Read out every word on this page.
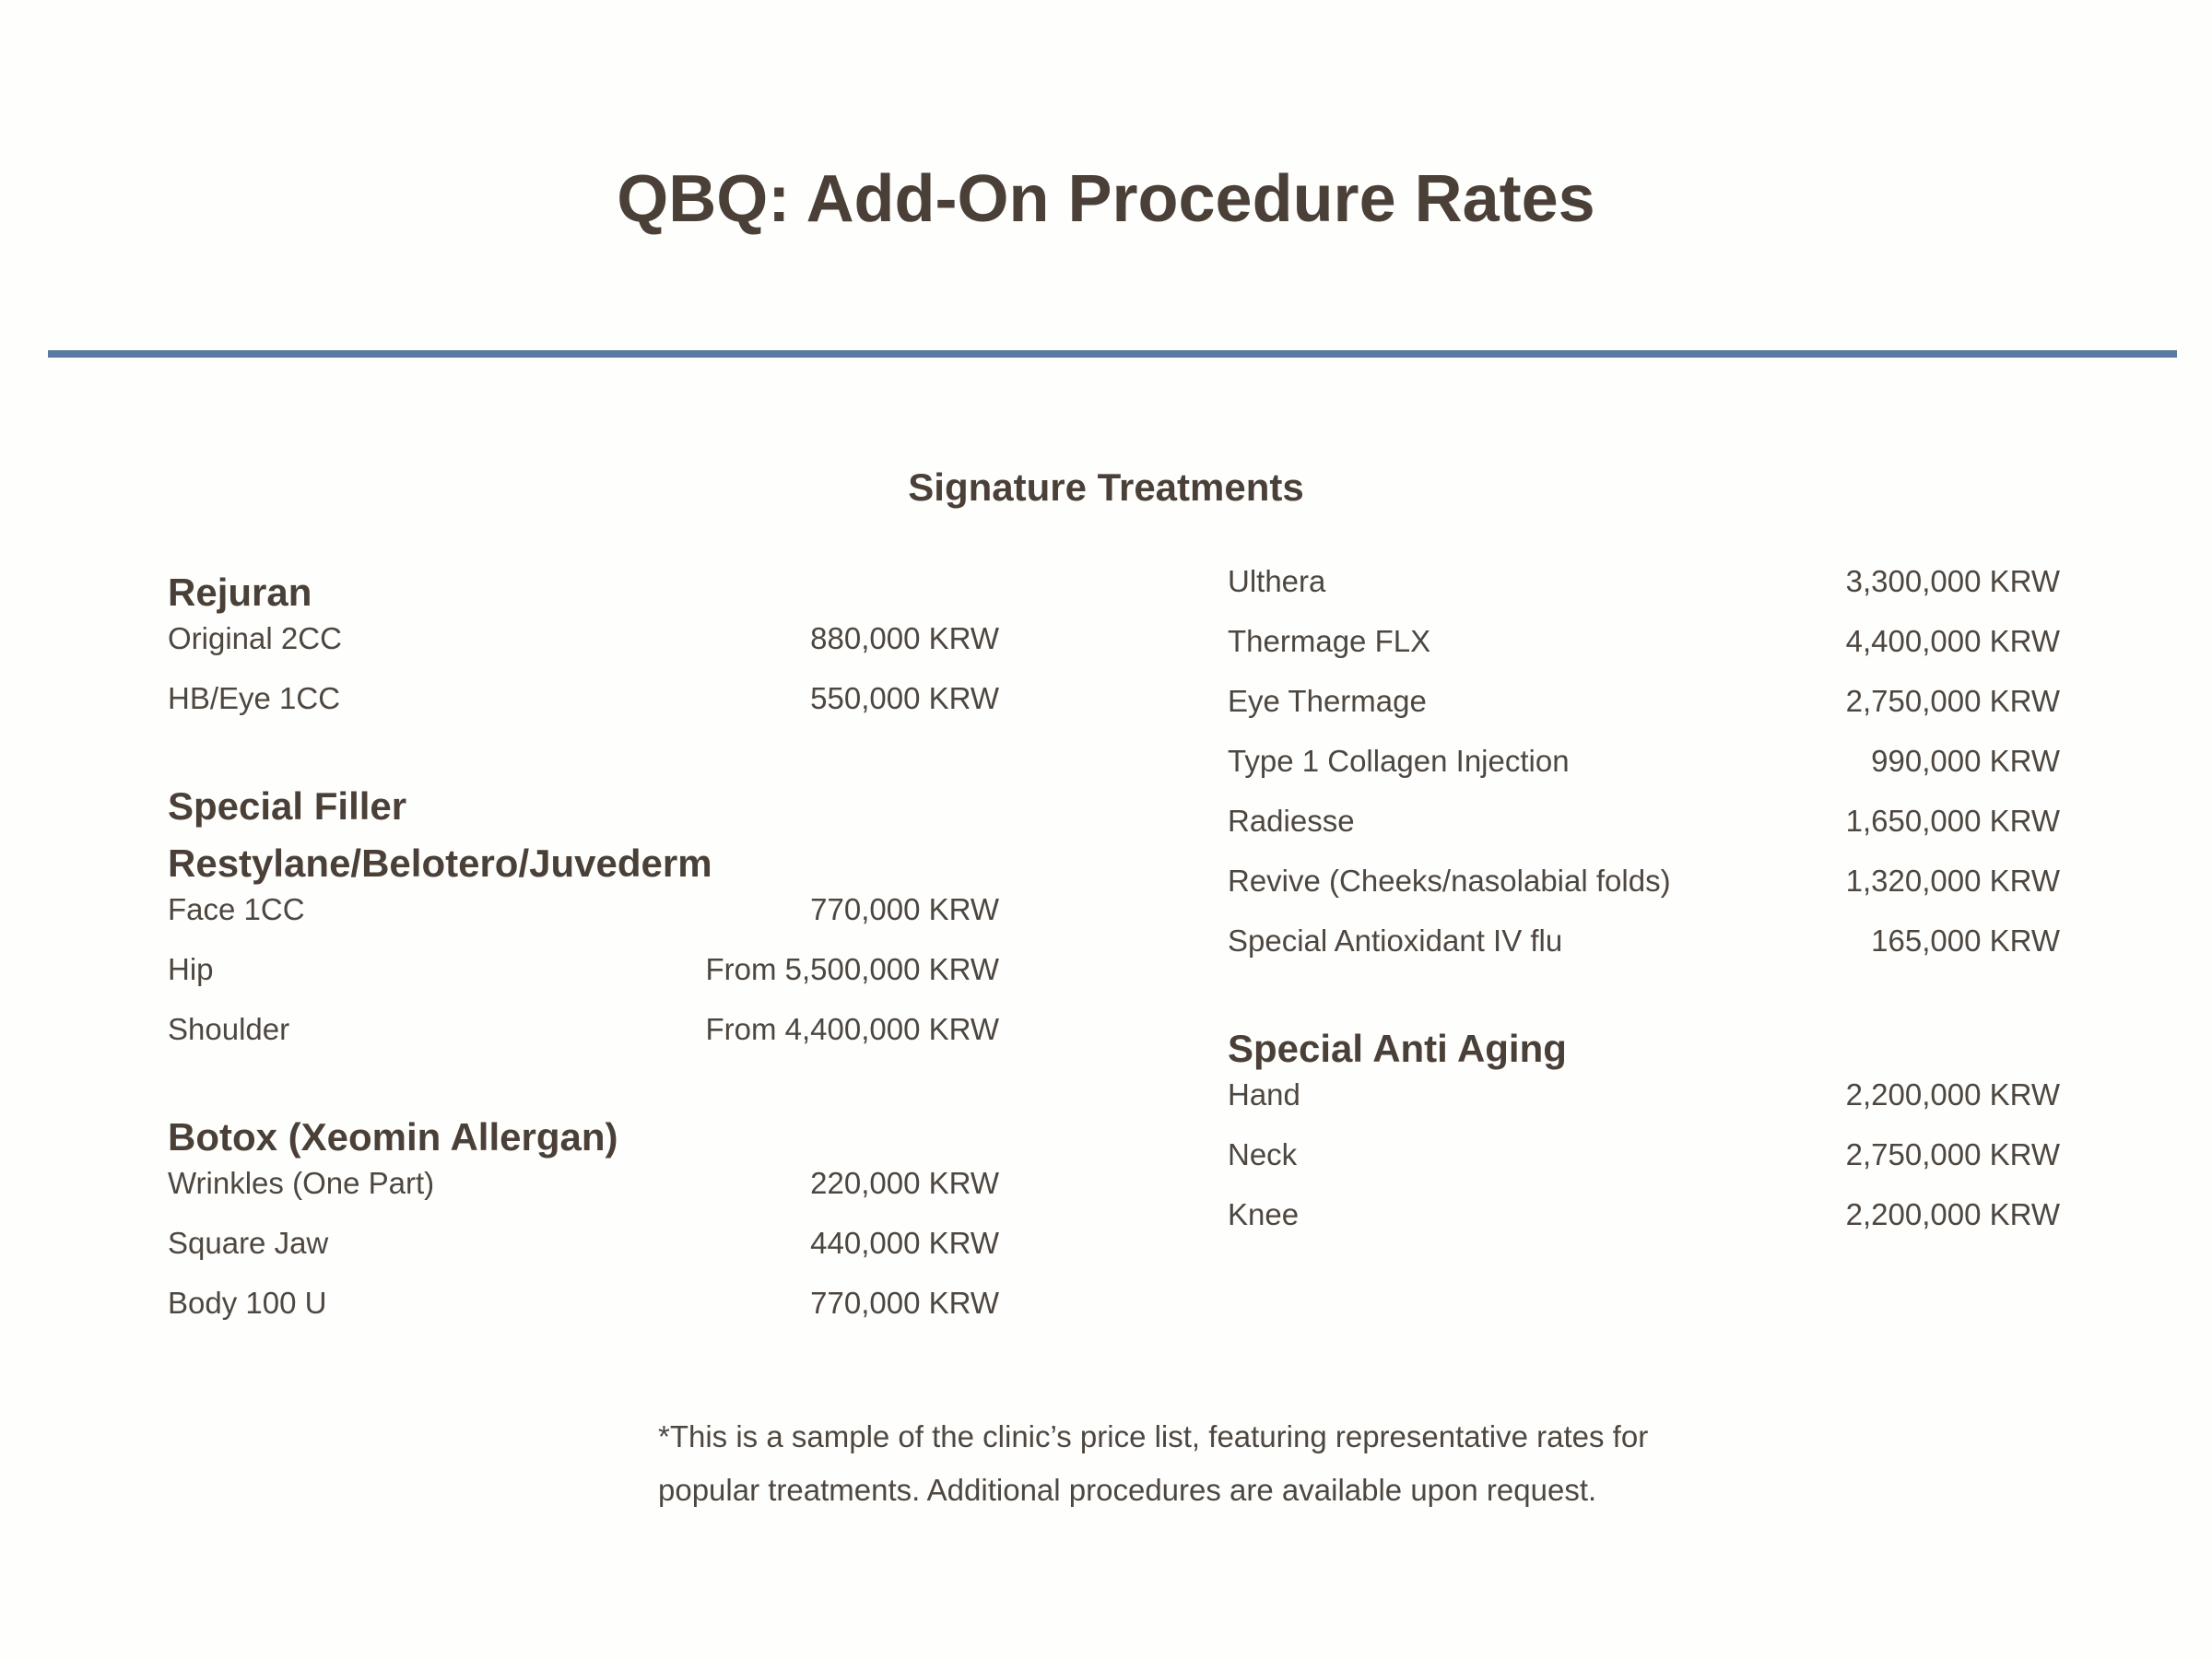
QBQ: Add-On Procedure Rates
Signature Treatments
Rejuran
Original 2CC	880,000 KRW
HB/Eye 1CC	550,000 KRW
Special Filler
Restylane/Belotero/Juvederm
Face 1CC	770,000 KRW
Hip	From 5,500,000 KRW
Shoulder	From 4,400,000 KRW
Botox (Xeomin Allergan)
Wrinkles (One Part)	220,000 KRW
Square Jaw	440,000 KRW
Body 100 U	770,000 KRW
Ulthera	3,300,000 KRW
Thermage FLX	4,400,000 KRW
Eye Thermage	2,750,000 KRW
Type 1 Collagen Injection	990,000 KRW
Radiesse	1,650,000 KRW
Revive (Cheeks/nasolabial folds)	1,320,000 KRW
Special Antioxidant IV flu	165,000 KRW
Special Anti Aging
Hand	2,200,000 KRW
Neck	2,750,000 KRW
Knee	2,200,000 KRW
*This is a sample of the clinic’s price list, featuring representative rates for popular treatments. Additional procedures are available upon request.
